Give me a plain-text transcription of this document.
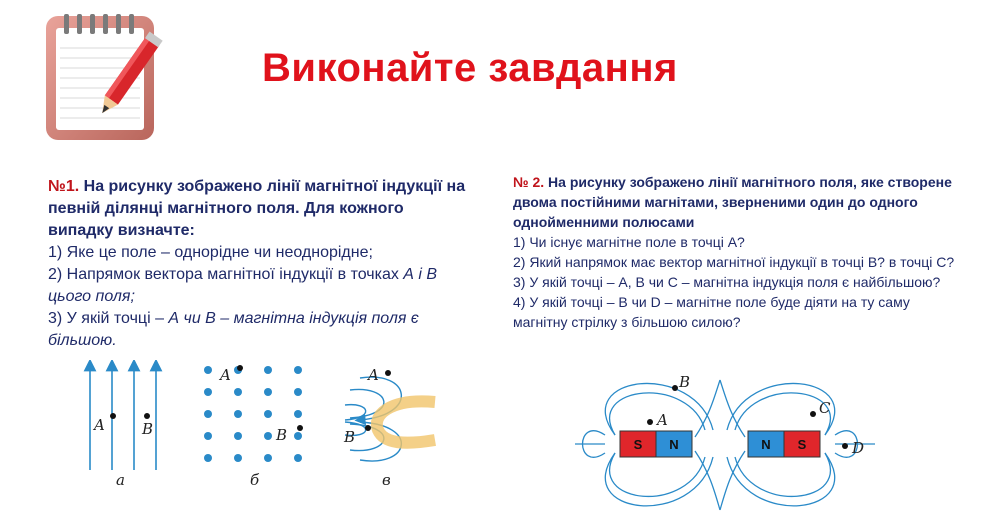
Виконайте завдання
№1. На рисунку зображено лінії магнітної індукції на певній ділянці магнітного поля. Для кожного випадку визначте:
1) Яке це поле – однорідне чи неоднорідне;
2) Напрямок вектора магнітної індукції в точках А і В цього поля;
3) У якій точці – А чи В – магнітна індукція поля є більшою.
№ 2. На рисунку зображено лінії магнітного поля, яке створене двома постійними магнітами, зверненими один до одного однойменними полюсами
1) Чи існує магнітне поле в точці А?
2) Який напрямок має вектор магнітної індукції в точці В? в точці С?
3) У якій точці – А, В чи С – магнітна індукція поля є найбільшою?
4) У якій точці – В чи D – магнітне поле буде діяти на ту саму магнітну стрілку з більшою силою?
A B
а
A
B
б
A
B
в
S N	N S
A
B
C
D
